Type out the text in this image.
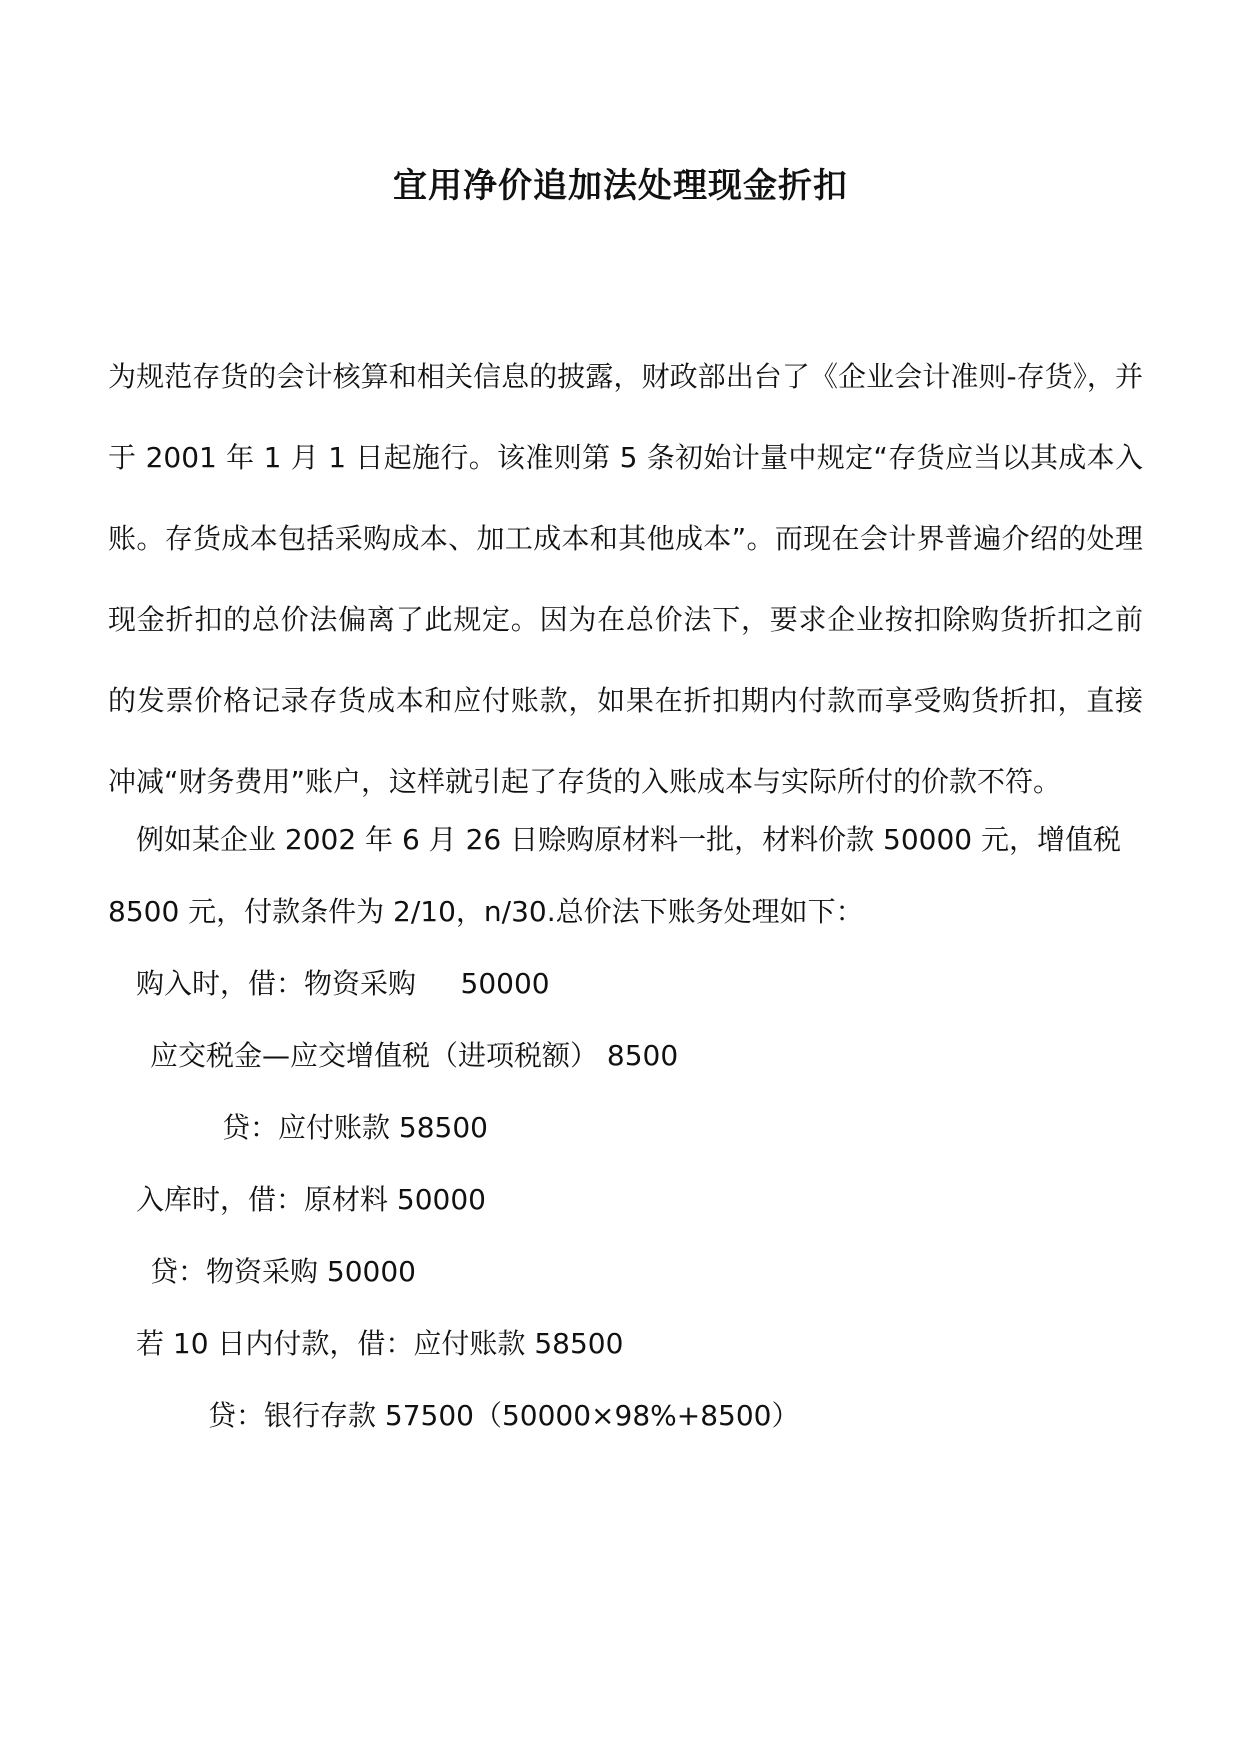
宜用净价追加法处理现金折扣

为规范存货的会计核算和相关信息的披露，财政部出台了《企业会计准则-存货》，并于 2001 年 1 月 1 日起施行。该准则第 5 条初始计量中规定“存货应当以其成本入账。存货成本包括采购成本、加工成本和其他成本”。而现在会计界普遍介绍的处理现金折扣的总价法偏离了此规定。因为在总价法下，要求企业按扣除购货折扣之前的发票价格记录存货成本和应付账款，如果在折扣期内付款而享受购货折扣，直接冲减“财务费用”账户，这样就引起了存货的入账成本与实际所付的价款不符。

例如某企业 2002 年 6 月 26 日赊购原材料一批，材料价款 50000 元，增值税

8500 元，付款条件为 2/10，n/30.总价法下账务处理如下：

购入时，借：物资采购     50000

应交税金—应交增值税（进项税额） 8500

贷：应付账款 58500

入库时，借：原材料 50000

贷：物资采购 50000

若 10 日内付款，借：应付账款 58500

贷：银行存款 57500（50000×98%+8500）
